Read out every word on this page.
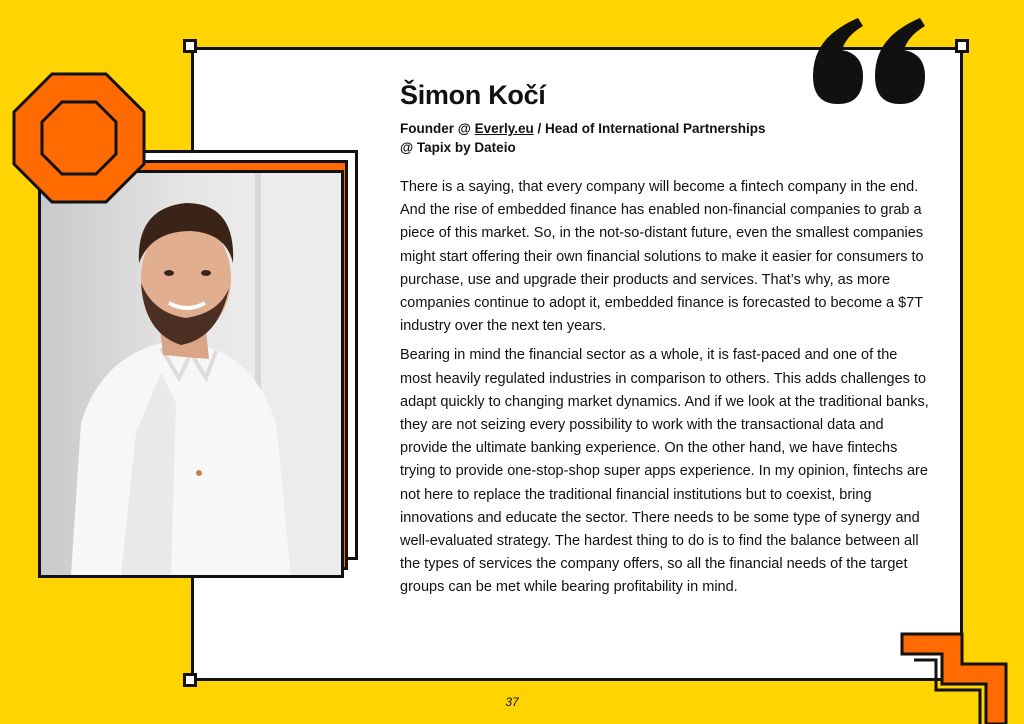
Šimon Kočí

Founder @ Everly.eu / Head of International Partnerships
@ Tapix by Dateio

There is a saying, that every company will become a fintech company in the end. And the rise of embedded finance has enabled non-financial companies to grab a piece of this market. So, in the not-so-distant future, even the smallest companies might start offering their own financial solutions to make it easier for consumers to purchase, use and upgrade their products and services. That’s why, as more companies continue to adopt it, embedded finance is forecasted to become a $7T industry over the next ten years.

Bearing in mind the financial sector as a whole, it is fast-paced and one of the most heavily regulated industries in comparison to others. This adds challenges to adapt quickly to changing market dynamics. And if we look at the traditional banks, they are not seizing every possibility to work with the transactional data and provide the ultimate banking experience. On the other hand, we have fintechs trying to provide one-stop-shop super apps experience. In my opinion, fintechs are not here to replace the traditional financial institutions but to coexist, bring innovations and educate the sector. There needs to be some type of synergy and well-evaluated strategy. The hardest thing to do is to find the balance between all the types of services the company offers, so all the financial needs of the target groups can be met while bearing profitability in mind.

37
